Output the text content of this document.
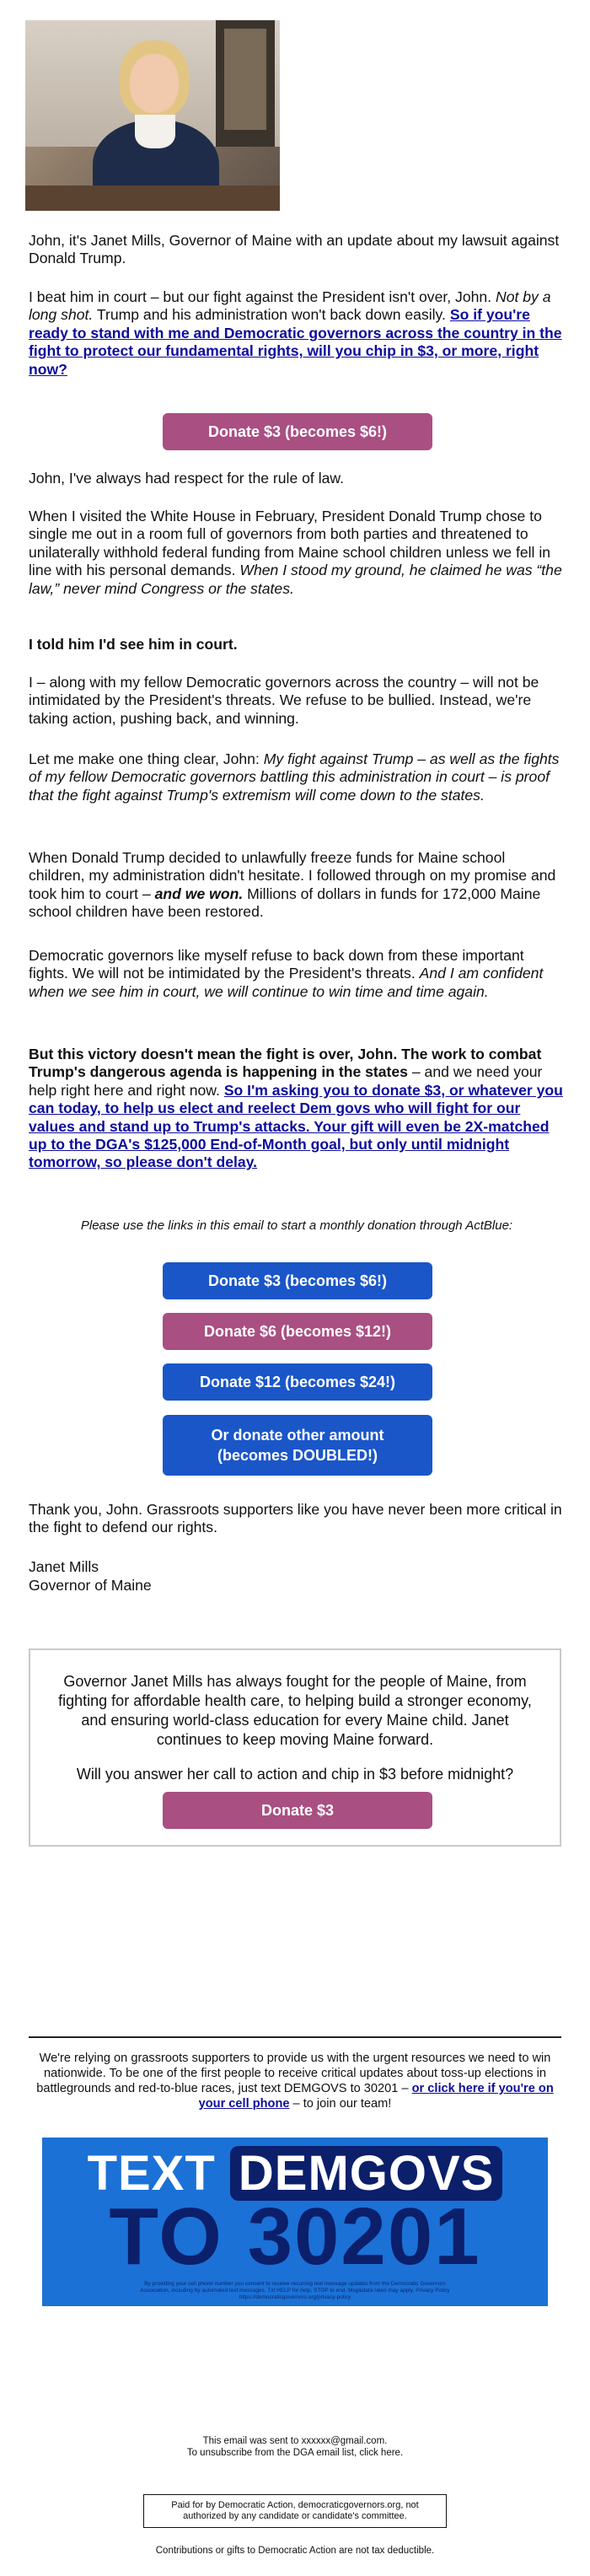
John, it's Janet Mills, Governor of Maine with an update about my lawsuit against Donald Trump.

I beat him in court – but our fight against the President isn't over, John. Not by a long shot. Trump and his administration won't back down easily. So if you're ready to stand with me and Democratic governors across the country in the fight to protect our fundamental rights, will you chip in $3, or more, right now?

Donate $3 (becomes $6!)

John, I've always had respect for the rule of law.

When I visited the White House in February, President Donald Trump chose to single me out in a room full of governors from both parties and threatened to unilaterally withhold federal funding from Maine school children unless we fell in line with his personal demands. When I stood my ground, he claimed he was “the law,” never mind Congress or the states.

I told him I'd see him in court.

I – along with my fellow Democratic governors across the country – will not be intimidated by the President's threats. We refuse to be bullied. Instead, we're taking action, pushing back, and winning.

Let me make one thing clear, John: My fight against Trump – as well as the fights of my fellow Democratic governors battling this administration in court – is proof that the fight against Trump's extremism will come down to the states.

When Donald Trump decided to unlawfully freeze funds for Maine school children, my administration didn't hesitate. I followed through on my promise and took him to court – and we won. Millions of dollars in funds for 172,000 Maine school children have been restored.

Democratic governors like myself refuse to back down from these important fights. We will not be intimidated by the President's threats. And I am confident when we see him in court, we will continue to win time and time again.

But this victory doesn't mean the fight is over, John. The work to combat Trump's dangerous agenda is happening in the states – and we need your help right here and right now. So I'm asking you to donate $3, or whatever you can today, to help us elect and reelect Dem govs who will fight for our values and stand up to Trump's attacks. Your gift will even be 2X-matched up to the DGA's $125,000 End-of-Month goal, but only until midnight tomorrow, so please don't delay.

Please use the links in this email to start a monthly donation through ActBlue:
Donate $3 (becomes $6!)
Donate $6 (becomes $12!)
Donate $12 (becomes $24!)
Or donate other amount (becomes DOUBLED!)

Thank you, John. Grassroots supporters like you have never been more critical in the fight to defend our rights.

Janet Mills

Governor of Maine

Governor Janet Mills has always fought for the people of Maine, from fighting for affordable health care, to helping build a stronger economy, and ensuring world-class education for every Maine child. Janet continues to keep moving Maine forward.

Will you answer her call to action and chip in $3 before midnight?

Donate $3

We're relying on grassroots supporters to provide us with the urgent resources we need to win nationwide. To be one of the first people to receive critical updates about toss-up elections in battlegrounds and red-to-blue races, just text DEMGOVS to 30201 – or click here if you're on your cell phone – to join our team!

TEXT DEMGOVS
TO 30201
By providing your cell phone number you consent to receive recurring text message updates from the Democratic Governors Association, including by automated text messages. Txt HELP for help, STOP to end. Msg&data rates may apply. Privacy Policy https://democraticgovernors.org/privacy-policy

This email was sent to xxxxxx@gmail.com.

To unsubscribe from the DGA email list, click here.

Paid for by Democratic Action, democraticgovernors.org, not authorized by any candidate or candidate's committee.

Contributions or gifts to Democratic Action are not tax deductible.
